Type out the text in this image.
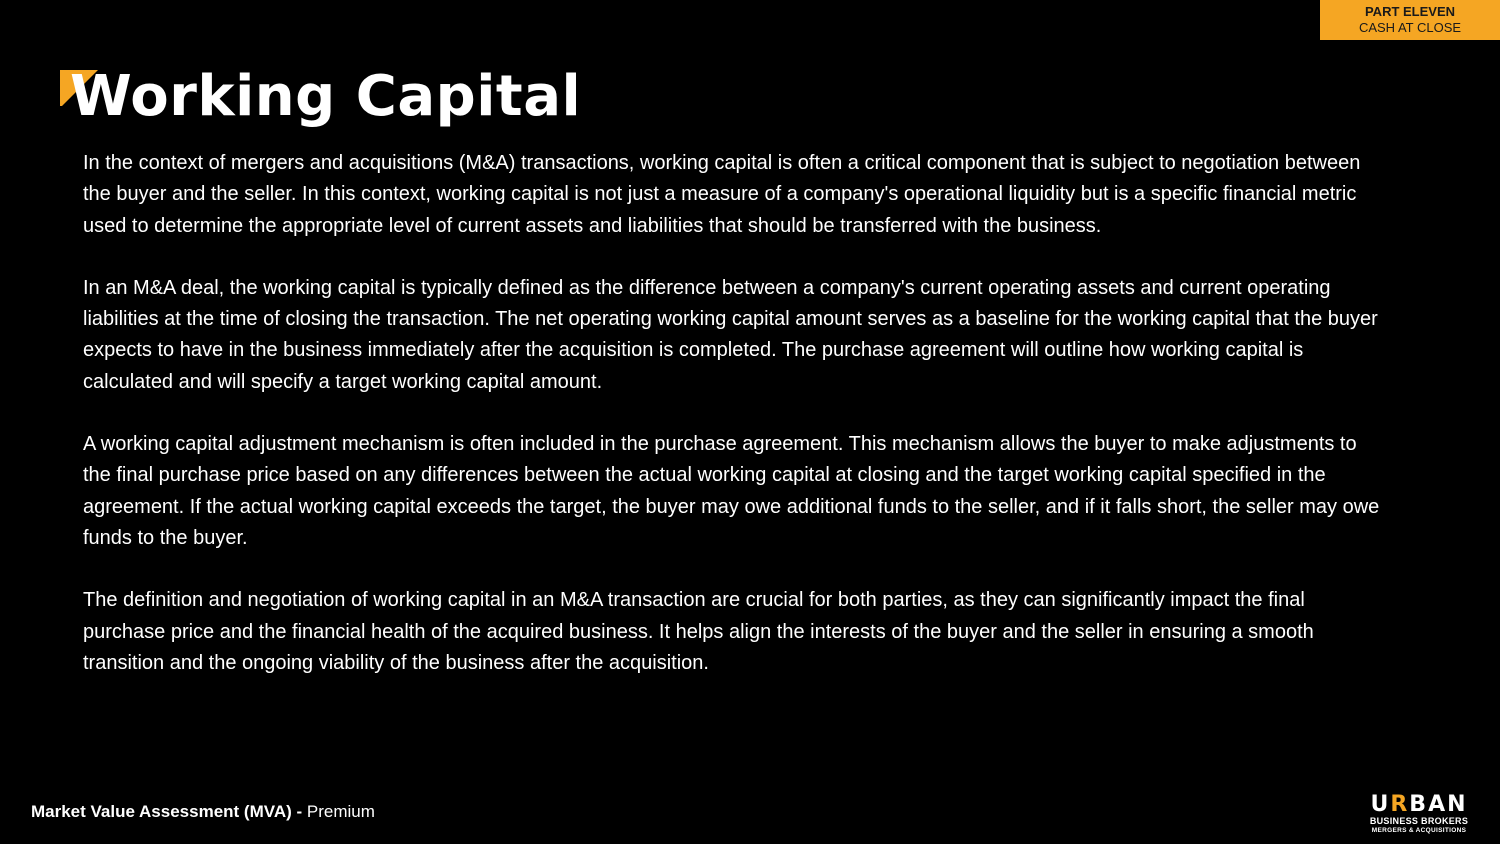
PART ELEVEN
CASH AT CLOSE
Working Capital

In the context of mergers and acquisitions (M&A) transactions, working capital is often a critical component that is subject to negotiation between the buyer and the seller. In this context, working capital is not just a measure of a company's operational liquidity but is a specific financial metric used to determine the appropriate level of current assets and liabilities that should be transferred with the business.

In an M&A deal, the working capital is typically defined as the difference between a company's current operating assets and current operating liabilities at the time of closing the transaction. The net operating working capital amount serves as a baseline for the working capital that the buyer expects to have in the business immediately after the acquisition is completed. The purchase agreement will outline how working capital is calculated and will specify a target working capital amount.

A working capital adjustment mechanism is often included in the purchase agreement. This mechanism allows the buyer to make adjustments to the final purchase price based on any differences between the actual working capital at closing and the target working capital specified in the agreement. If the actual working capital exceeds the target, the buyer may owe additional funds to the seller, and if it falls short, the seller may owe funds to the buyer.

The definition and negotiation of working capital in an M&A transaction are crucial for both parties, as they can significantly impact the final purchase price and the financial health of the acquired business. It helps align the interests of the buyer and the seller in ensuring a smooth transition and the ongoing viability of the business after the acquisition.

Market Value Assessment (MVA) - Premium	URBAN
BUSINESS BROKERS
MERGERS & ACQUISITIONS
